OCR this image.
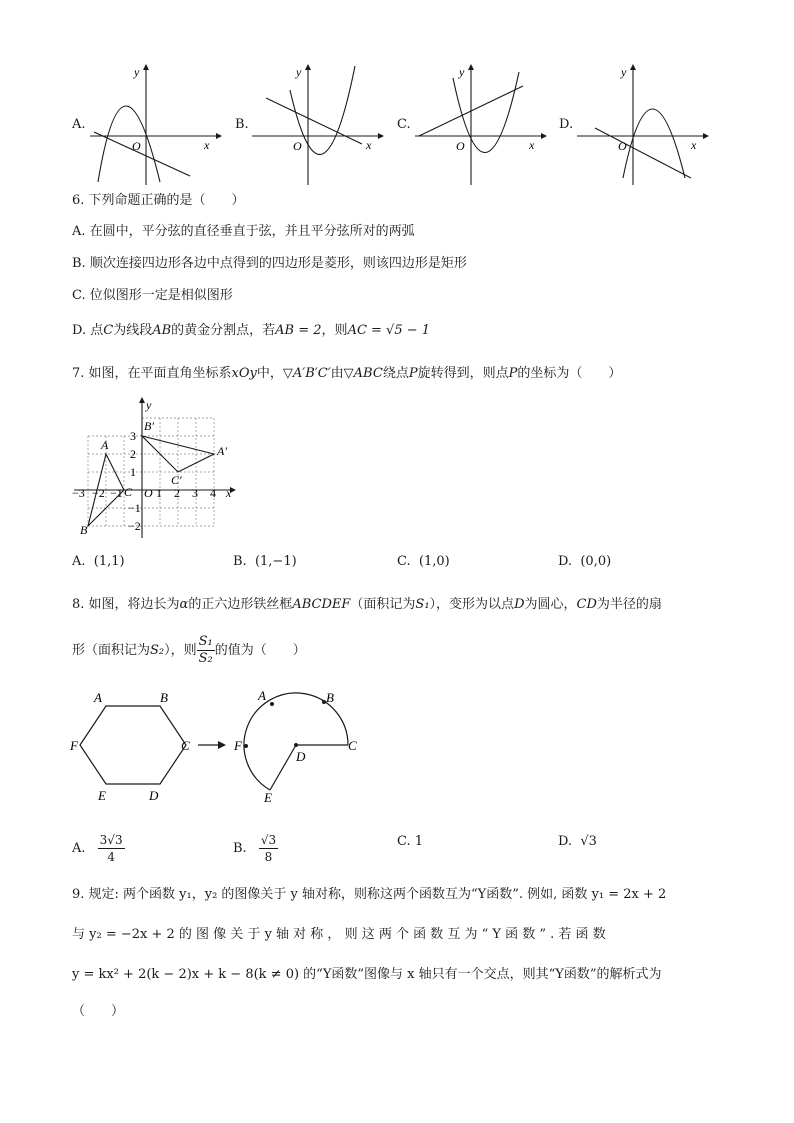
A.
y
x
O
B.
y
x
O
C.
y
x
O
D.
y
x
O
6. 下列命题正确的是（　　）
A. 在圆中，平分弦的直径垂直于弦，并且平分弦所对的两弧
B. 顺次连接四边形各边中点得到的四边形是菱形，则该四边形是矩形
C. 位似图形一定是相似图形
D. 点C为线段AB的黄金分割点，若AB = 2，则AC = √5 − 1
7. 如图，在平面直角坐标系xOy中，▽A′B′C′由▽ABC绕点P旋转得到，则点P的坐标为（　　）
y
x
3
2
1
−1
−2
−3 −2 −1 O 1 2 3 4
A
B
C
A′
B′
C′
A. (1,1)	B. (1,−1)	C. (1,0)	D. (0,0)
8. 如图，将边长为α的正六边形铁丝框ABCDEF（面积记为S₁），变形为以点D为圆心，CD为半径的扇
形（面积记为S₂），则 $\frac{\text{S₁}}{\text{S₂}}$ 的值为（　　）
A	B
C
D
E
F
A	B
C
D
E
F
A. $\frac{3√3}{4}$	B. $\frac{√3}{8}$	C. 1	D. √3
9. 规定: 两个函数 y₁，y₂ 的图像关于 y 轴对称，则称这两个函数互为“Y函数”. 例如, 函数 y₁ = 2x + 2
与 y₂ = −2x + 2 的 图 像 关 于 y 轴 对 称 ， 则 这 两 个 函 数 互 为 “ Y 函 数 ” . 若 函 数
y = kx² + 2(k − 2)x + k − 8(k ≠ 0) 的“Y函数”图像与 x 轴只有一个交点，则其“Y函数”的解析式为
（　　）
